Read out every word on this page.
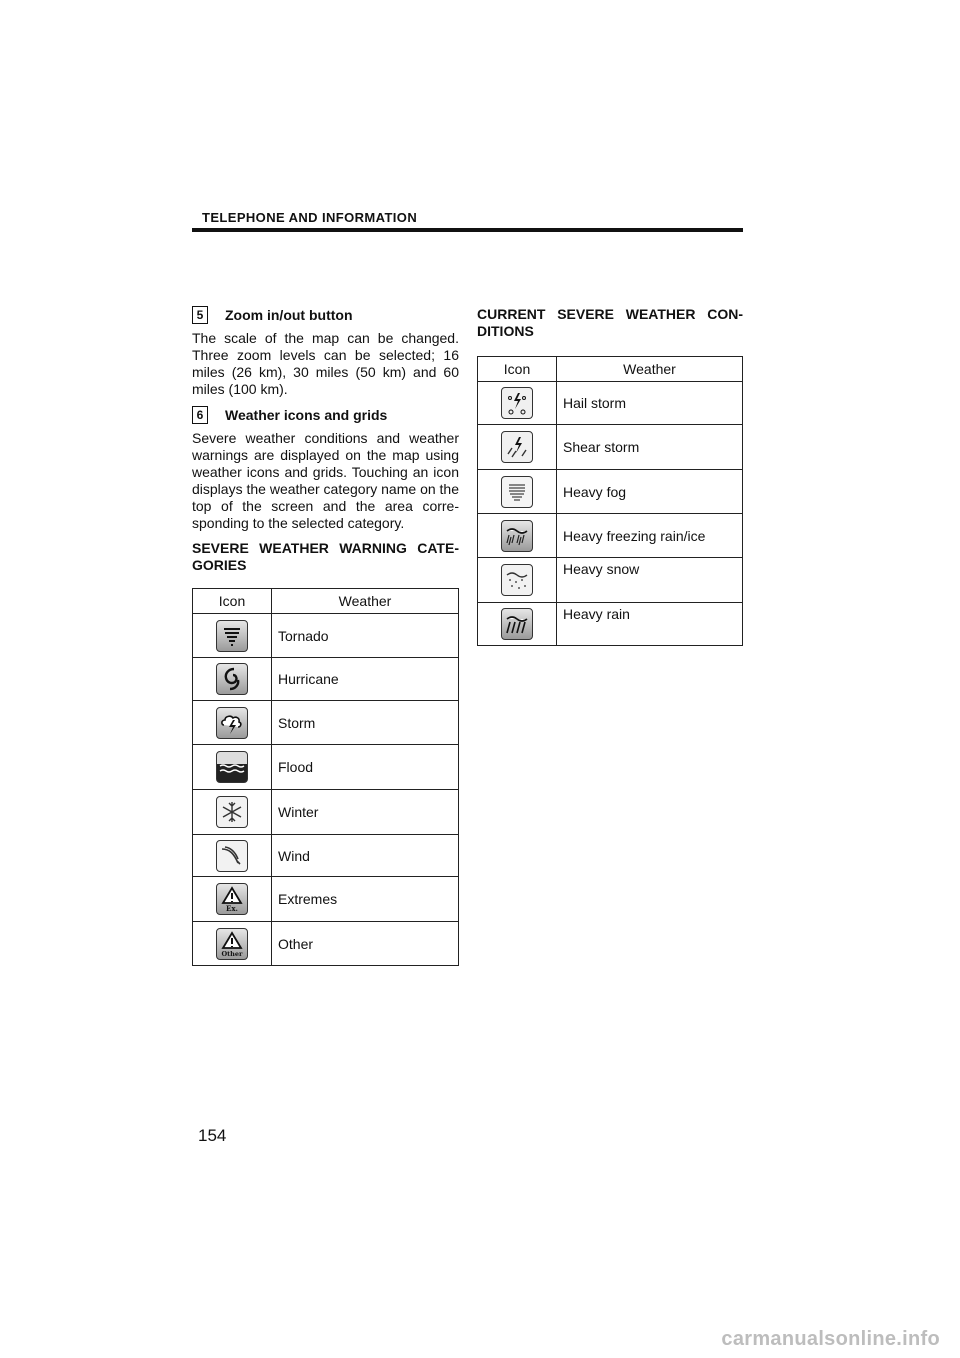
TELEPHONE AND INFORMATION
5	Zoom in/out button

The scale of the map can be changed. Three zoom levels can be selected; 16 miles (26 km), 30 miles (50 km) and 60 miles (100 km).

6	Weather icons and grids

Severe weather conditions and weather warnings are displayed on the map using weather icons and grids. Touching an icon displays the weather category name on the top of the screen and the area corre-sponding to the selected category.

SEVERE WEATHER WARNING CATE-GORIES

Icon	Weather

	Tornado

	Hurricane

	Storm

	Flood

	Winter

	Wind

Ex.	Extremes

Other	Other

CURRENT SEVERE WEATHER CON-DITIONS

Icon	Weather

	Hail storm

	Shear storm

	Heavy fog

	Heavy freezing rain/ice

	Heavy snow

	Heavy rain
154
carmanualsonline.info
